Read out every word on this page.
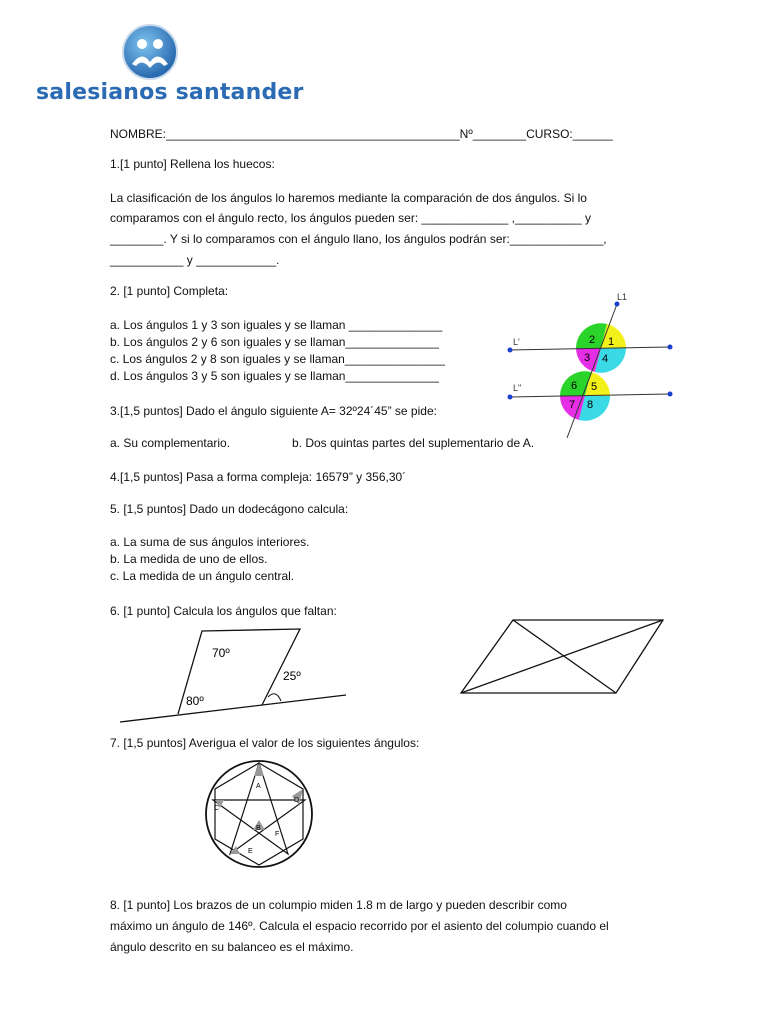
salesianos santander
NOMBRE:____________________________________________Nº________CURSO:______
1.[1 punto] Rellena los huecos:
La clasificación de los ángulos lo haremos mediante la comparación de dos ángulos. Si lo
comparamos con el ángulo recto, los ángulos pueden ser: _____________ ,__________ y
________. Y si lo comparamos con el ángulo llano, los ángulos podrán ser:______________,
___________ y ____________.
2. [1 punto] Completa:
a. Los ángulos 1 y 3 son iguales y se llaman ______________
b. Los ángulos 2 y 6 son iguales y se llaman______________
c. Los ángulos 2 y 8 son iguales y se llaman_______________
d. Los ángulos 3 y 5 son iguales y se llaman______________
L'
L''
L1
2 1
3 4
6 5
7 8
3.[1,5 puntos] Dado el ángulo siguiente A= 32º24´45” se pide:
a. Su complementario.	b. Dos quintas partes del suplementario de A.
4.[1,5 puntos] Pasa a forma compleja: 16579” y 356,30´
5. [1,5 puntos] Dado un dodecágono calcula:
a. La suma de sus ángulos interiores.
b. La medida de uno de ellos.
c. La medida de un ángulo central.
6. [1 punto] Calcula los ángulos que faltan:
70º
25º
80º
7. [1,5 puntos] Averigua el valor de los siguientes ángulos:
A
B
C
D
E
F
8. [1 punto] Los brazos de un columpio miden 1.8 m de largo y pueden describir como
máximo un ángulo de 146º. Calcula el espacio recorrido por el asiento del columpio cuando el
ángulo descrito en su balanceo es el máximo.
